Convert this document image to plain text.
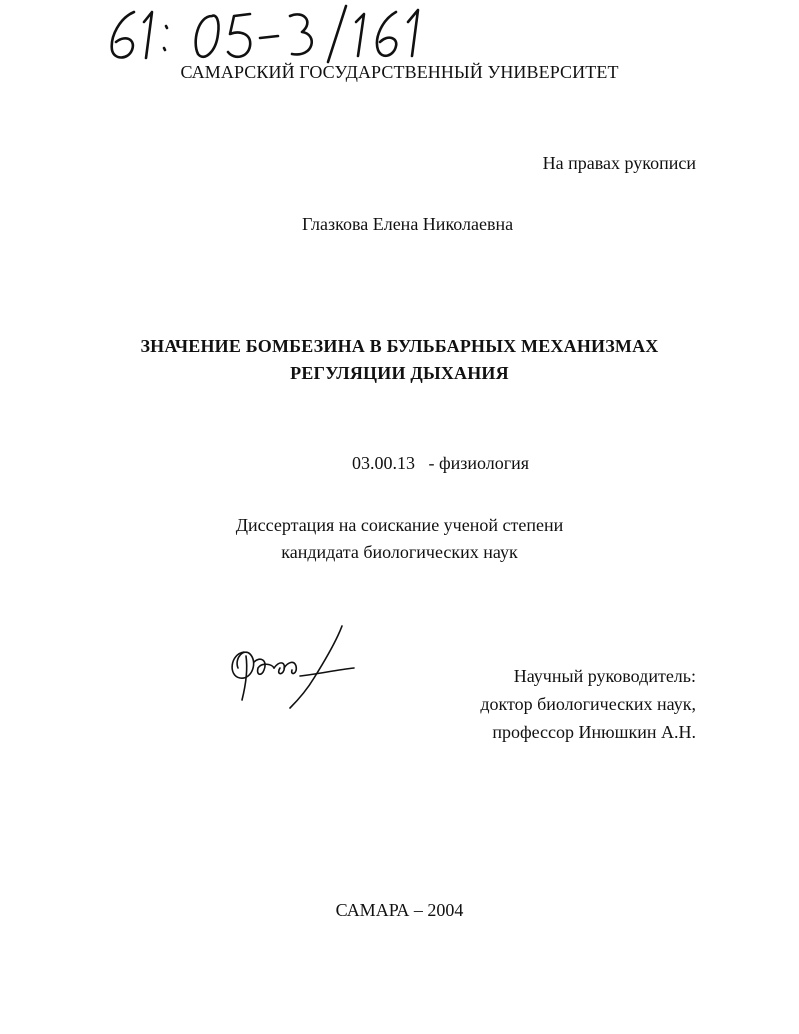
САМАРСКИЙ ГОСУДАРСТВЕННЫЙ УНИВЕРСИТЕТ
На правах рукописи
Глазкова Елена Николаевна
ЗНАЧЕНИЕ БОМБЕЗИНА В БУЛЬБАРНЫХ МЕХАНИЗМАХ
РЕГУЛЯЦИИ ДЫХАНИЯ
03.00.13 - физиология
Диссертация на соискание ученой степени
кандидата биологических наук
Научный руководитель:
доктор биологических наук,
профессор Инюшкин А.Н.
САМАРА – 2004
